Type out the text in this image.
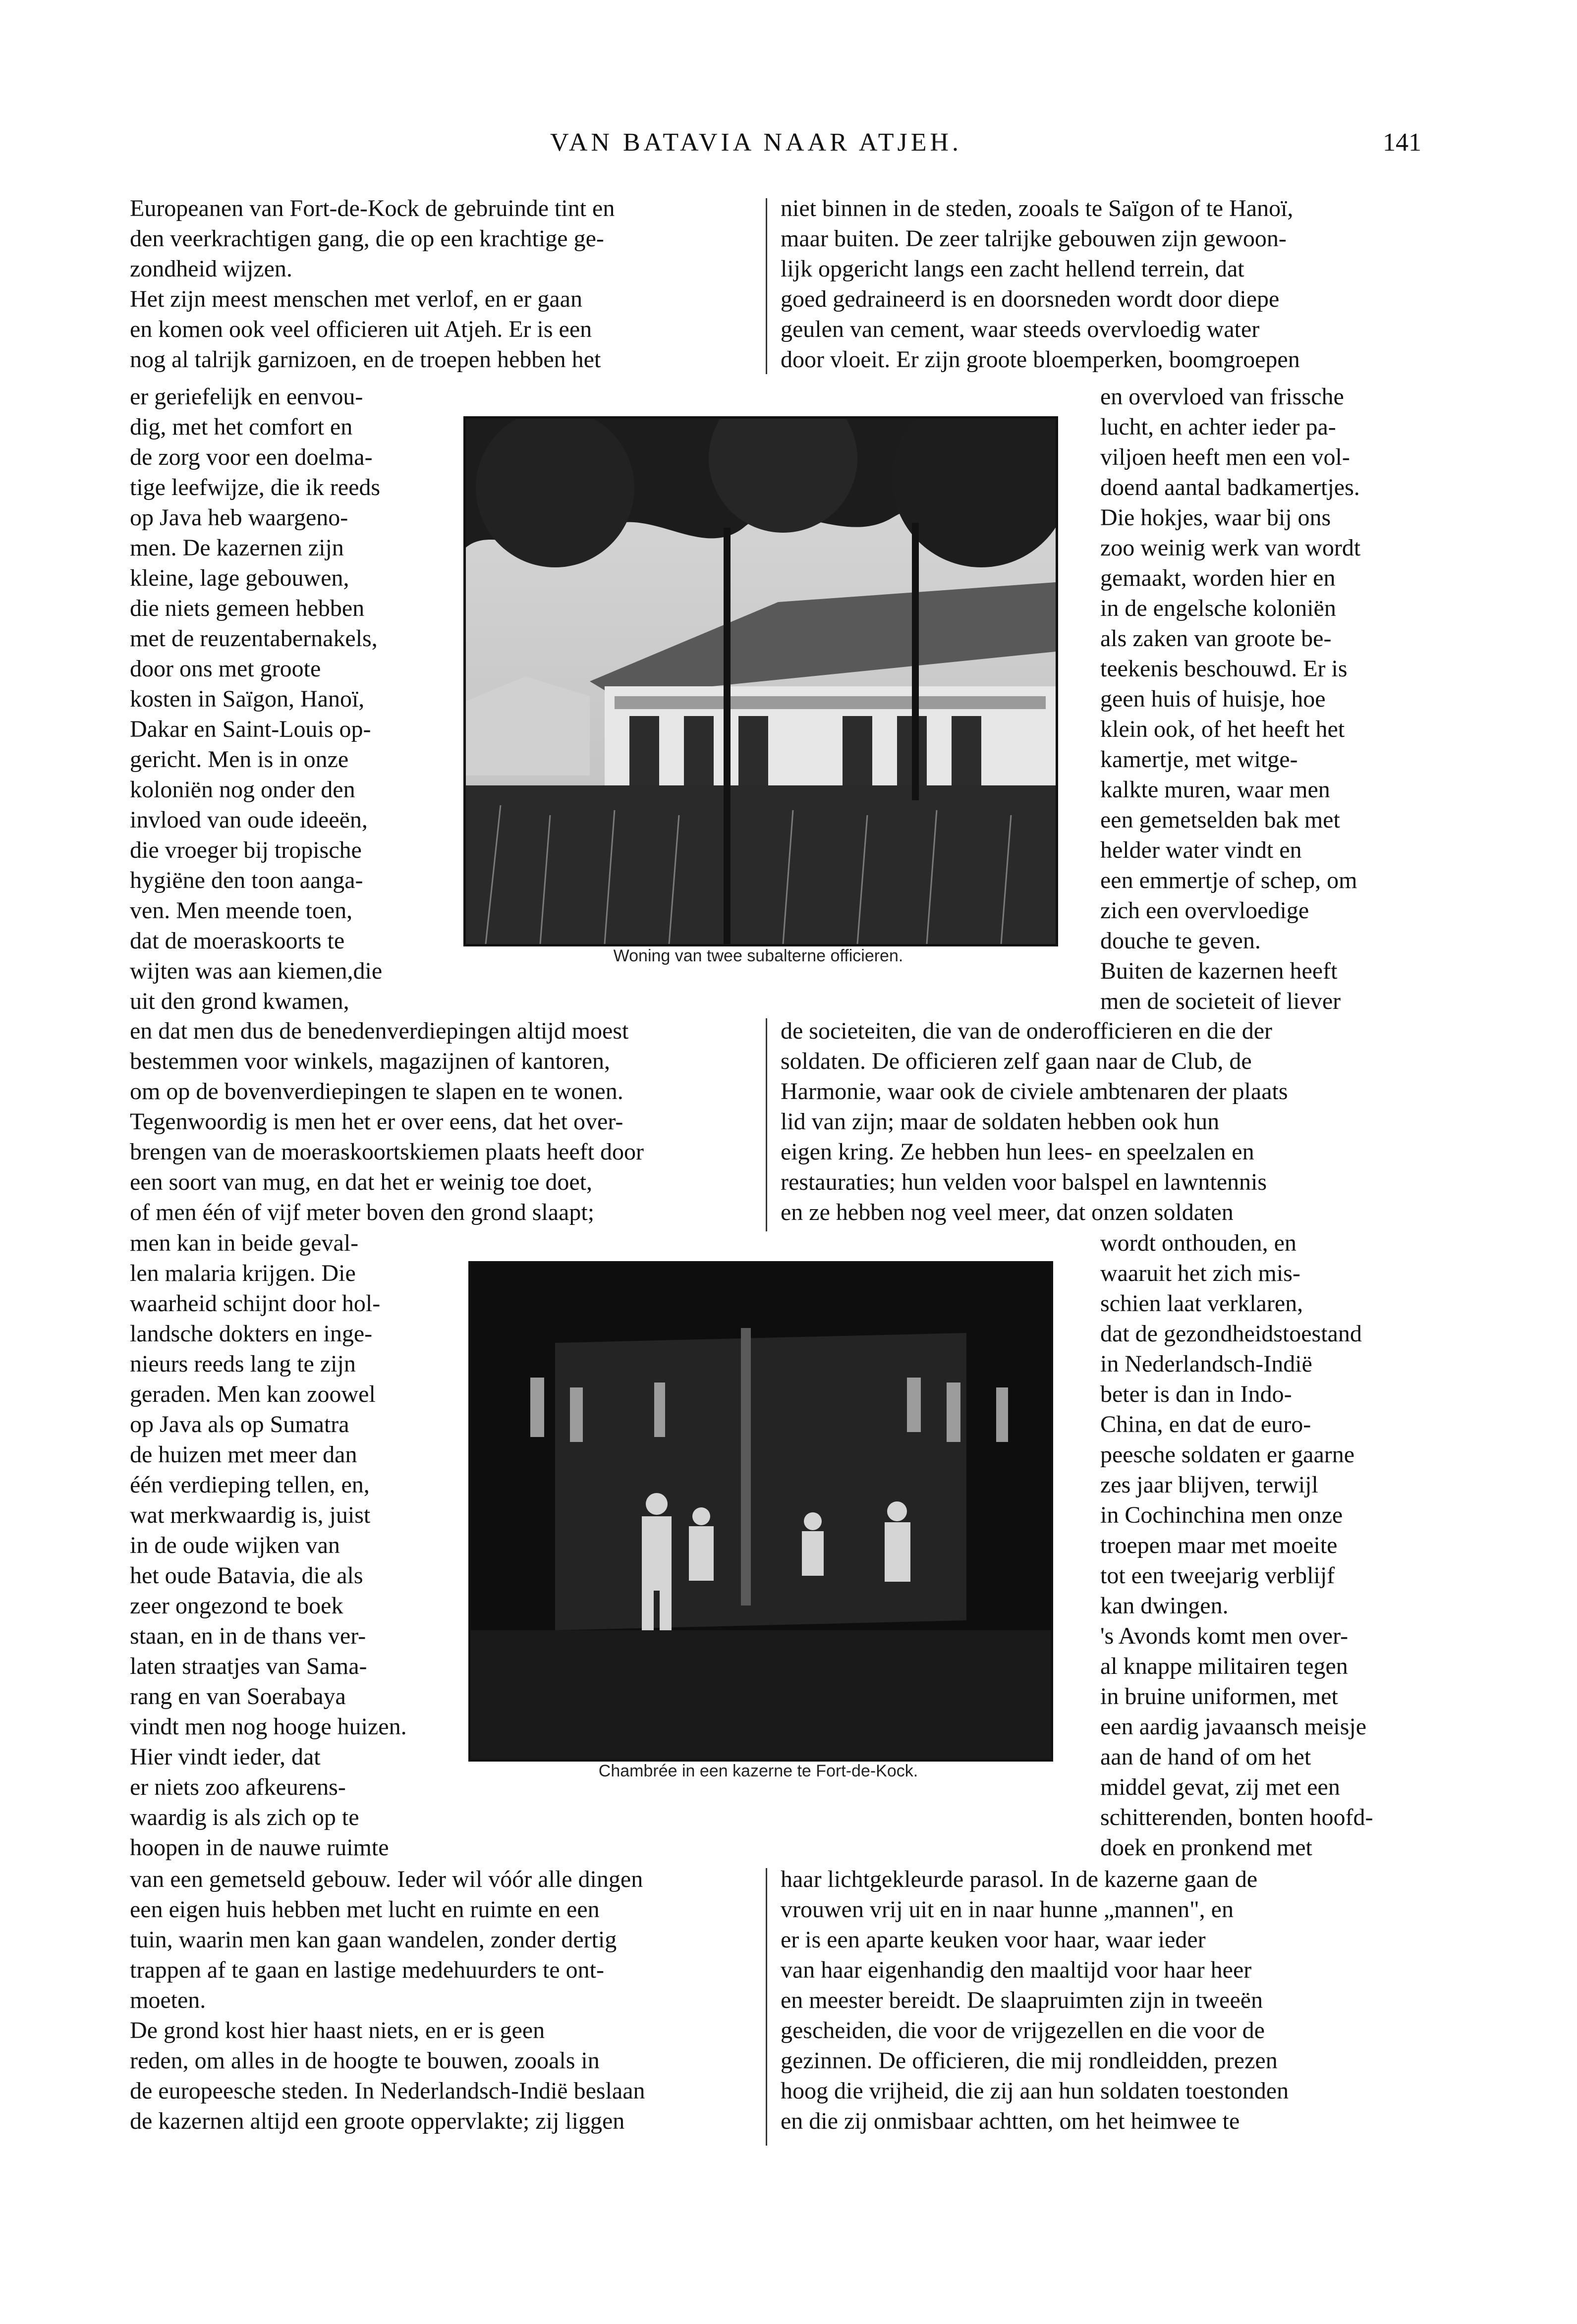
VAN BATAVIA NAAR ATJEH.	141

Europeanen van Fort-de-Kock de gebruinde tint en
den veerkrachtigen gang, die op een krachtige ge-
zondheid wijzen.
Het zijn meest menschen met verlof, en er gaan
en komen ook veel officieren uit Atjeh. Er is een
nog al talrijk garnizoen, en de troepen hebben het

er geriefelijk en eenvou-
dig, met het comfort en
de zorg voor een doelma-
tige leefwijze, die ik reeds
op Java heb waargeno-
men. De kazernen zijn
kleine, lage gebouwen,
die niets gemeen hebben
met de reuzentabernakels,
door ons met groote
kosten in Saïgon, Hanoï,
Dakar en Saint-Louis op-
gericht. Men is in onze
koloniën nog onder den
invloed van oude ideeën,
die vroeger bij tropische
hygiëne den toon aanga-
ven. Men meende toen,
dat de moeraskoorts te
wijten was aan kiemen,die
uit den grond kwamen,

en dat men dus de benedenverdiepingen altijd moest
bestemmen voor winkels, magazijnen of kantoren,
om op de bovenverdiepingen te slapen en te wonen.
Tegenwoordig is men het er over eens, dat het over-
brengen van de moeraskoortskiemen plaats heeft door
een soort van mug, en dat het er weinig toe doet,
of men één of vijf meter boven den grond slaapt;

men kan in beide geval-
len malaria krijgen. Die
waarheid schijnt door hol-
landsche dokters en inge-
nieurs reeds lang te zijn
geraden. Men kan zoowel
op Java als op Sumatra
de huizen met meer dan
één verdieping tellen, en,
wat merkwaardig is, juist
in de oude wijken van
het oude Batavia, die als
zeer ongezond te boek
staan, en in de thans ver-
laten straatjes van Sama-
rang en van Soerabaya
vindt men nog hooge huizen.
Hier vindt ieder, dat
er niets zoo afkeurens-
waardig is als zich op te
hoopen in de nauwe ruimte

van een gemetseld gebouw. Ieder wil vóór alle dingen
een eigen huis hebben met lucht en ruimte en een
tuin, waarin men kan gaan wandelen, zonder dertig
trappen af te gaan en lastige medehuurders te ont-
moeten.
De grond kost hier haast niets, en er is geen
reden, om alles in de hoogte te bouwen, zooals in
de europeesche steden. In Nederlandsch-Indië beslaan
de kazernen altijd een groote oppervlakte; zij liggen

niet binnen in de steden, zooals te Saïgon of te Hanoï,
maar buiten. De zeer talrijke gebouwen zijn gewoon-
lijk opgericht langs een zacht hellend terrein, dat
goed gedraineerd is en doorsneden wordt door diepe
geulen van cement, waar steeds overvloedig water
door vloeit. Er zijn groote bloemperken, boomgroepen

en overvloed van frissche
lucht, en achter ieder pa-
viljoen heeft men een vol-
doend aantal badkamertjes.
Die hokjes, waar bij ons
zoo weinig werk van wordt
gemaakt, worden hier en
in de engelsche koloniën
als zaken van groote be-
teekenis beschouwd. Er is
geen huis of huisje, hoe
klein ook, of het heeft het
kamertje, met witge-
kalkte muren, waar men
een gemetselden bak met
helder water vindt en
een emmertje of schep, om
zich een overvloedige
douche te geven.
Buiten de kazernen heeft
men de societeit of liever

de societeiten, die van de onderofficieren en die der
soldaten. De officieren zelf gaan naar de Club, de
Harmonie, waar ook de civiele ambtenaren der plaats
lid van zijn; maar de soldaten hebben ook hun
eigen kring. Ze hebben hun lees- en speelzalen en
restauraties; hun velden voor balspel en lawntennis
en ze hebben nog veel meer, dat onzen soldaten

wordt onthouden, en
waaruit het zich mis-
schien laat verklaren,
dat de gezondheidstoestand
in Nederlandsch-Indië
beter is dan in Indo-
China, en dat de euro-
peesche soldaten er gaarne
zes jaar blijven, terwijl
in Cochinchina men onze
troepen maar met moeite
tot een tweejarig verblijf
kan dwingen.
's Avonds komt men over-
al knappe militairen tegen
in bruine uniformen, met
een aardig javaansch meisje
aan de hand of om het
middel gevat, zij met een
schitterenden, bonten hoofd-
doek en pronkend met

haar lichtgekleurde parasol. In de kazerne gaan de
vrouwen vrij uit en in naar hunne „mannen", en
er is een aparte keuken voor haar, waar ieder
van haar eigenhandig den maaltijd voor haar heer
en meester bereidt. De slaapruimten zijn in tweeën
gescheiden, die voor de vrijgezellen en die voor de
gezinnen. De officieren, die mij rondleidden, prezen
hoog die vrijheid, die zij aan hun soldaten toestonden
en die zij onmisbaar achtten, om het heimwee te

Woning van twee subalterne officieren.
Chambrée in een kazerne te Fort-de-Kock.
